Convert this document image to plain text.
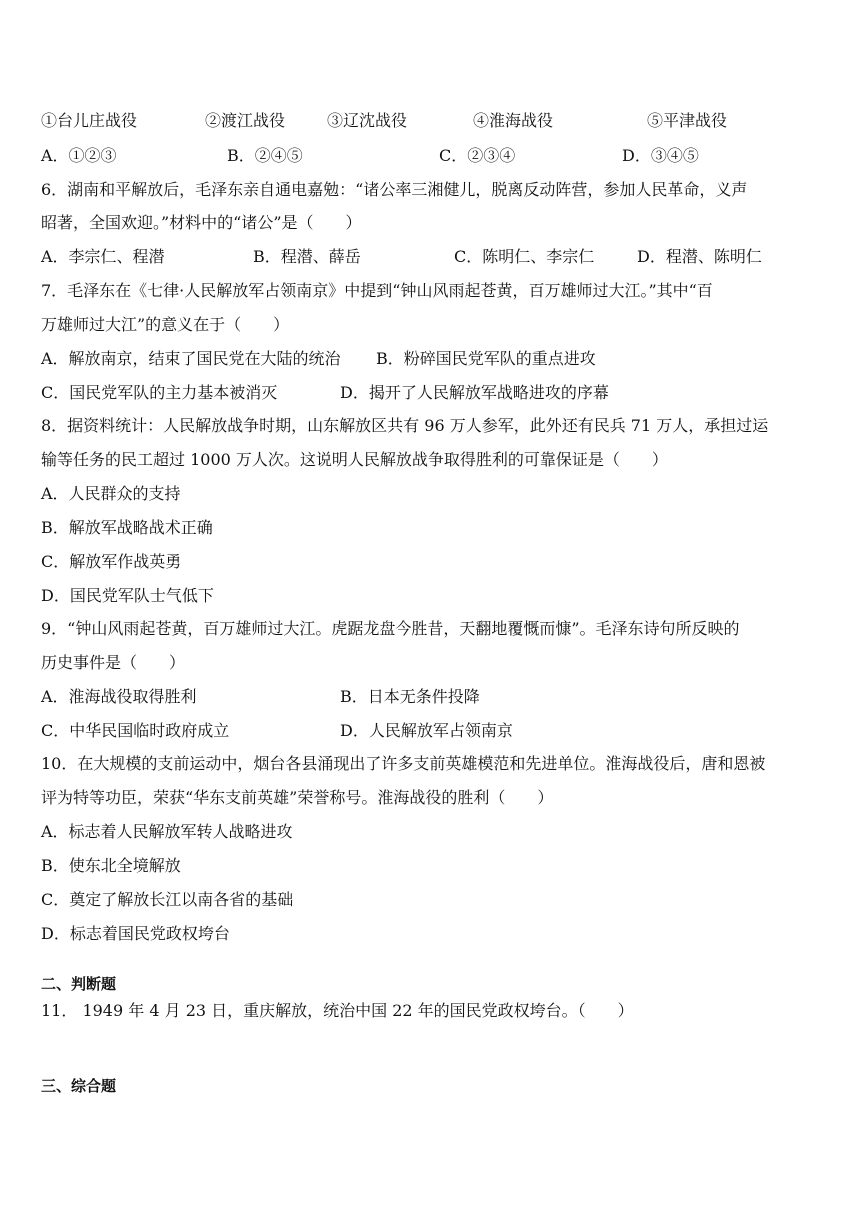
①台儿庄战役	②渡江战役	③辽沈战役	④淮海战役	⑤平津战役
A．①②③	B．②④⑤	C．②③④	D．③④⑤
6．湖南和平解放后，毛泽东亲自通电嘉勉：“诸公率三湘健儿，脱离反动阵营，参加人民革命，义声
昭著，全国欢迎。”材料中的“诸公”是（　　）
A．李宗仁、程潜	B．程潜、薛岳	C．陈明仁、李宗仁	D．程潜、陈明仁
7．毛泽东在《七律·人民解放军占领南京》中提到“钟山风雨起苍黄，百万雄师过大江。”其中“百
万雄师过大江”的意义在于（　　）
A．解放南京，结束了国民党在大陆的统治 B．粉碎国民党军队的重点进攻
C．国民党军队的主力基本被消灭	D．揭开了人民解放军战略进攻的序幕
8．据资料统计：人民解放战争时期，山东解放区共有 96 万人参军，此外还有民兵 71 万人，承担过运
输等任务的民工超过 1000 万人次。这说明人民解放战争取得胜利的可靠保证是（　　）
A．人民群众的支持
B．解放军战略战术正确
C．解放军作战英勇
D．国民党军队士气低下
9．“钟山风雨起苍黄，百万雄师过大江。虎踞龙盘今胜昔，天翻地覆慨而慷”。毛泽东诗句所反映的
历史事件是（　　）
A．淮海战役取得胜利	B．日本无条件投降
C．中华民国临时政府成立	D．人民解放军占领南京
10．在大规模的支前运动中，烟台各县涌现出了许多支前英雄模范和先进单位。淮海战役后，唐和恩被
评为特等功臣，荣获“华东支前英雄”荣誉称号。淮海战役的胜利（　　）
A．标志着人民解放军转人战略进攻
B．使东北全境解放
C．奠定了解放长江以南各省的基础
D．标志着国民党政权垮台
二、判断题
11． 1949 年 4 月 23 日，重庆解放，统治中国 22 年的国民党政权垮台。（　　）
三、综合题
